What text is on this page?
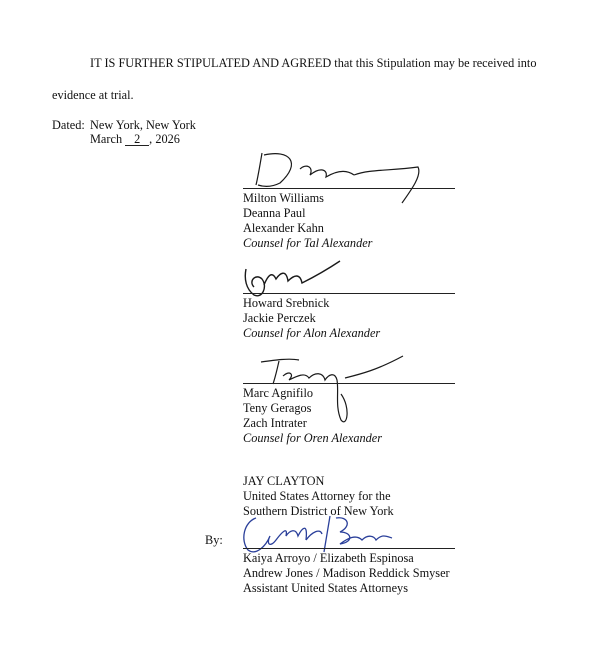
IT IS FURTHER STIPULATED AND AGREED that this Stipulation may be received into
evidence at trial.
Dated: New York, New York
March 2 , 2026
Milton Williams
Deanna Paul
Alexander Kahn
Counsel for Tal Alexander
Howard Srebnick
Jackie Perczek
Counsel for Alon Alexander
Marc Agnifilo
Teny Geragos
Zach Intrater
Counsel for Oren Alexander
JAY CLAYTON
United States Attorney for the
Southern District of New York
By:
Kaiya Arroyo / Elizabeth Espinosa
Andrew Jones / Madison Reddick Smyser
Assistant United States Attorneys
